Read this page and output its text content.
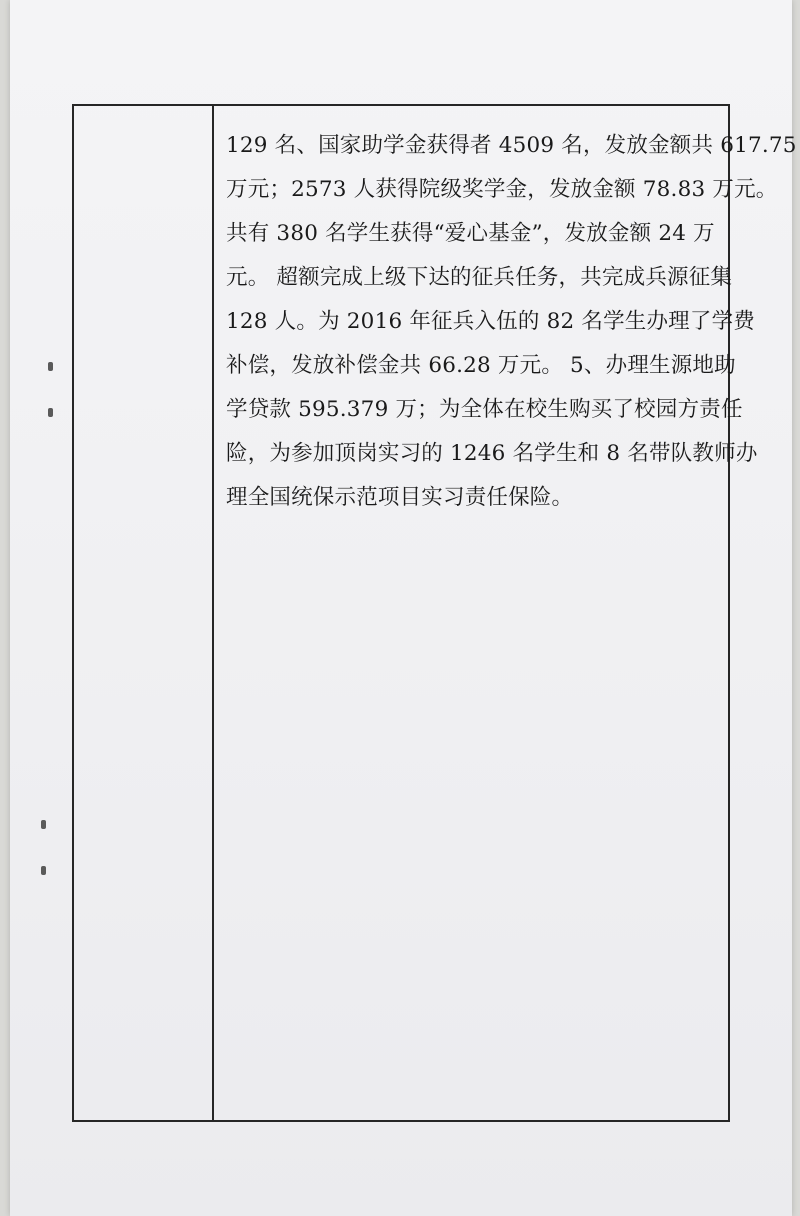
129 名、国家助学金获得者 4509 名，发放金额共 617.75
万元；2573 人获得院级奖学金，发放金额 78.83 万元。
共有 380 名学生获得“爱心基金”，发放金额 24 万
元。 超额完成上级下达的征兵任务，共完成兵源征集
128 人。为 2016 年征兵入伍的 82 名学生办理了学费
补偿，发放补偿金共 66.28 万元。 5、办理生源地助
学贷款 595.379 万；为全体在校生购买了校园方责任
险，为参加顶岗实习的 1246 名学生和 8 名带队教师办
理全国统保示范项目实习责任保险。
